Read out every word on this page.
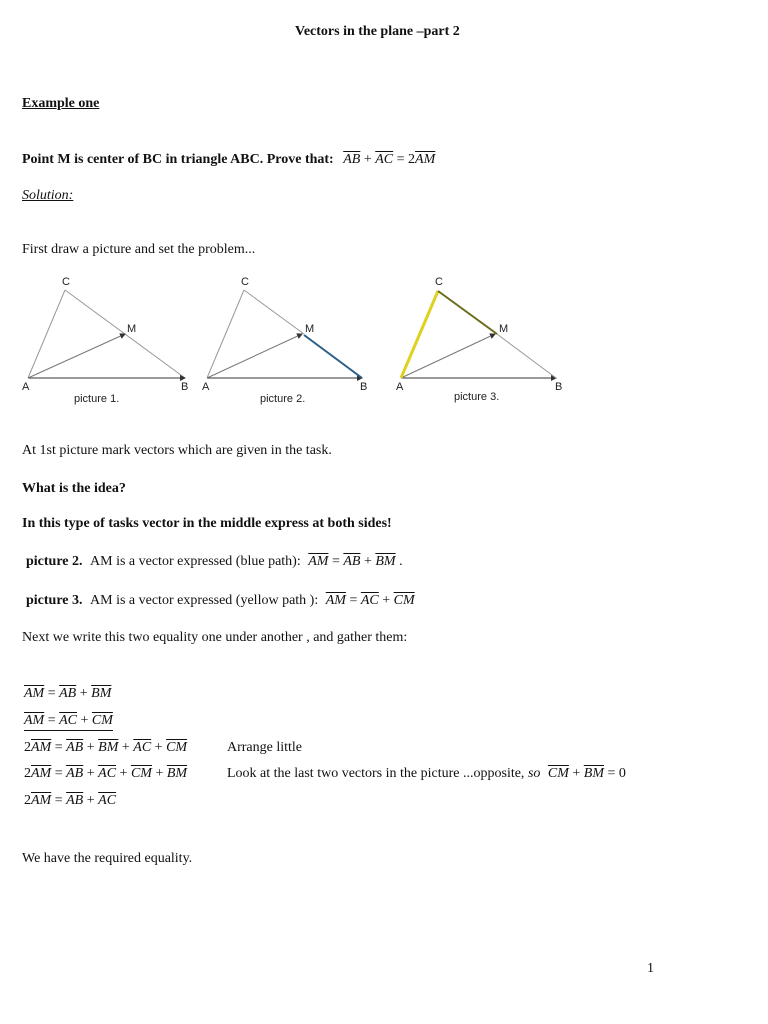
Vectors in the plane –part 2
Example one
Point M is center of BC in triangle ABC. Prove that: $\overline{AB} + \overline{AC} = 2\overline{AM}$
Solution:
First draw a picture and set the problem...
C
M
A	B
picture 1.
C
M
A	B
picture 2.
C
M
A	B
picture 3.
At 1st picture mark vectors which are given in the task.
What is the idea?
In this type of tasks vector in the middle express at both sides!
picture 2. AM is a vector expressed (blue path): $\overline{AM} = \overline{AB} + \overline{BM}$ .
picture 3. AM is a vector expressed (yellow path ): $\overline{AM} = \overline{AC} + \overline{CM}$
Next we write this two equality one under another , and gather them:
$\overline{AM} = \overline{AB} + \overline{BM}$
$\overline{AM} = \overline{AC} + \overline{CM}$
$2\overline{AM} = \overline{AB} + \overline{BM} + \overline{AC} + \overline{CM}$	Arrange little
$2\overline{AM} = \overline{AB} + \overline{AC} + \overline{CM} + \overline{BM}$	Look at the last two vectors in the picture ...opposite, so $\overline{CM} + \overline{BM} = 0$
$2\overline{AM} = \overline{AB} + \overline{AC}$
We have the required equality.
1
